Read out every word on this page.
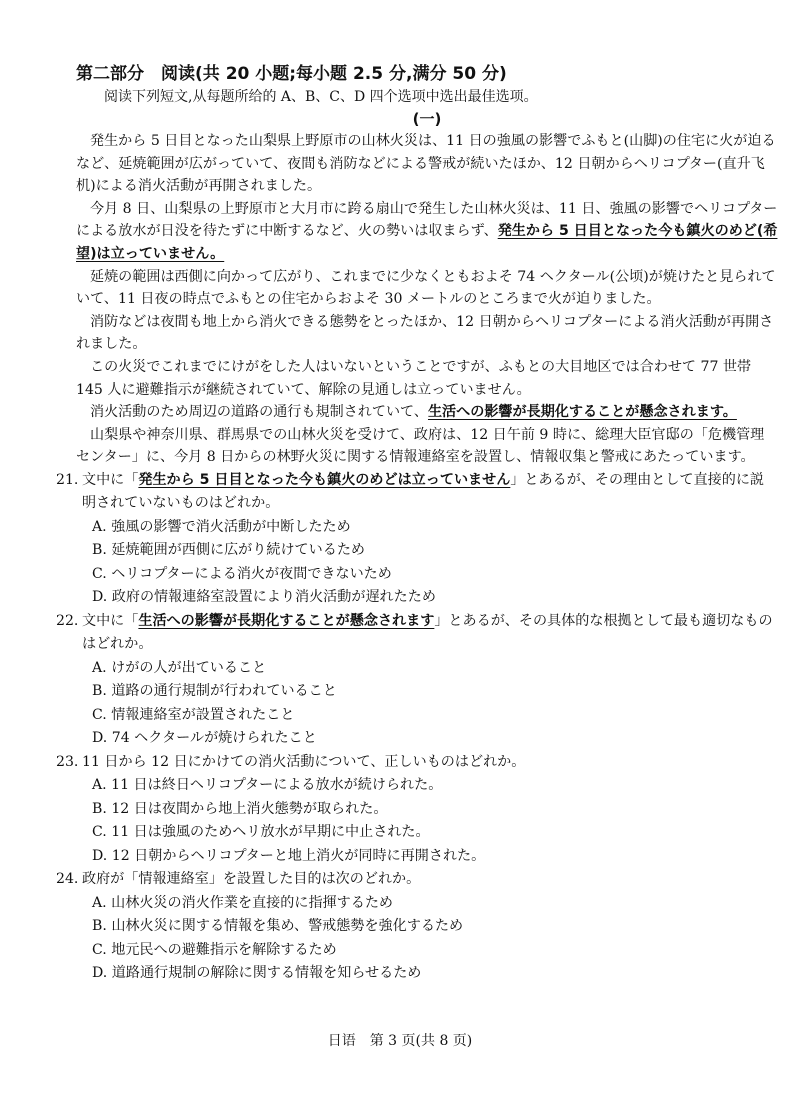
第二部分　阅读(共 20 小题;每小题 2.5 分,满分 50 分)

阅读下列短文,从每题所给的 A、B、C、D 四个选项中选出最佳选项。

(一)

発生から 5 日目となった山梨県上野原市の山林火災は、11 日の強風の影響でふもと(山脚)の住宅に火が迫るなど、延焼範囲が広がっていて、夜間も消防などによる警戒が続いたほか、12 日朝からヘリコプター(直升飞机)による消火活動が再開されました。

今月 8 日、山梨県の上野原市と大月市に跨る扇山で発生した山林火災は、11 日、強風の影響でヘリコプターによる放水が日没を待たずに中断するなど、火の勢いは収まらず、発生から 5 日目となった今も鎮火のめど(希望)は立っていません。

延焼の範囲は西側に向かって広がり、これまでに少なくともおよそ 74 ヘクタール(公顷)が焼けたと見られていて、11 日夜の時点でふもとの住宅からおよそ 30 メートルのところまで火が迫りました。

消防などは夜間も地上から消火できる態勢をとったほか、12 日朝からヘリコプターによる消火活動が再開されました。

この火災でこれまでにけがをした人はいないということですが、ふもとの大目地区では合わせて 77 世帯 145 人に避難指示が継続されていて、解除の見通しは立っていません。

消火活動のため周辺の道路の通行も規制されていて、生活への影響が長期化することが懸念されます。

山梨県や神奈川県、群馬県での山林火災を受けて、政府は、12 日午前 9 時に、総理大臣官邸の「危機管理センター」に、今月 8 日からの林野火災に関する情報連絡室を設置し、情報収集と警戒にあたっています。

21. 文中に「発生から 5 日目となった今も鎮火のめどは立っていません」とあるが、その理由として直接的に説明されていないものはどれか。

A. 強風の影響で消火活動が中断したため
B. 延焼範囲が西側に広がり続けているため
C. ヘリコプターによる消火が夜間できないため
D. 政府の情報連絡室設置により消火活動が遅れたため

22. 文中に「生活への影響が長期化することが懸念されます」とあるが、その具体的な根拠として最も適切なものはどれか。

A. けがの人が出ていること
B. 道路の通行規制が行われていること
C. 情報連絡室が設置されたこと
D. 74 ヘクタールが焼けられたこと

23. 11 日から 12 日にかけての消火活動について、正しいものはどれか。

A. 11 日は終日ヘリコプターによる放水が続けられた。
B. 12 日は夜間から地上消火態勢が取られた。
C. 11 日は強風のためヘリ放水が早期に中止された。
D. 12 日朝からヘリコプターと地上消火が同時に再開された。

24. 政府が「情報連絡室」を設置した目的は次のどれか。

A. 山林火災の消火作業を直接的に指揮するため
B. 山林火災に関する情報を集め、警戒態勢を強化するため
C. 地元民への避難指示を解除するため
D. 道路通行規制の解除に関する情報を知らせるため
日语　第 3 页(共 8 页)
